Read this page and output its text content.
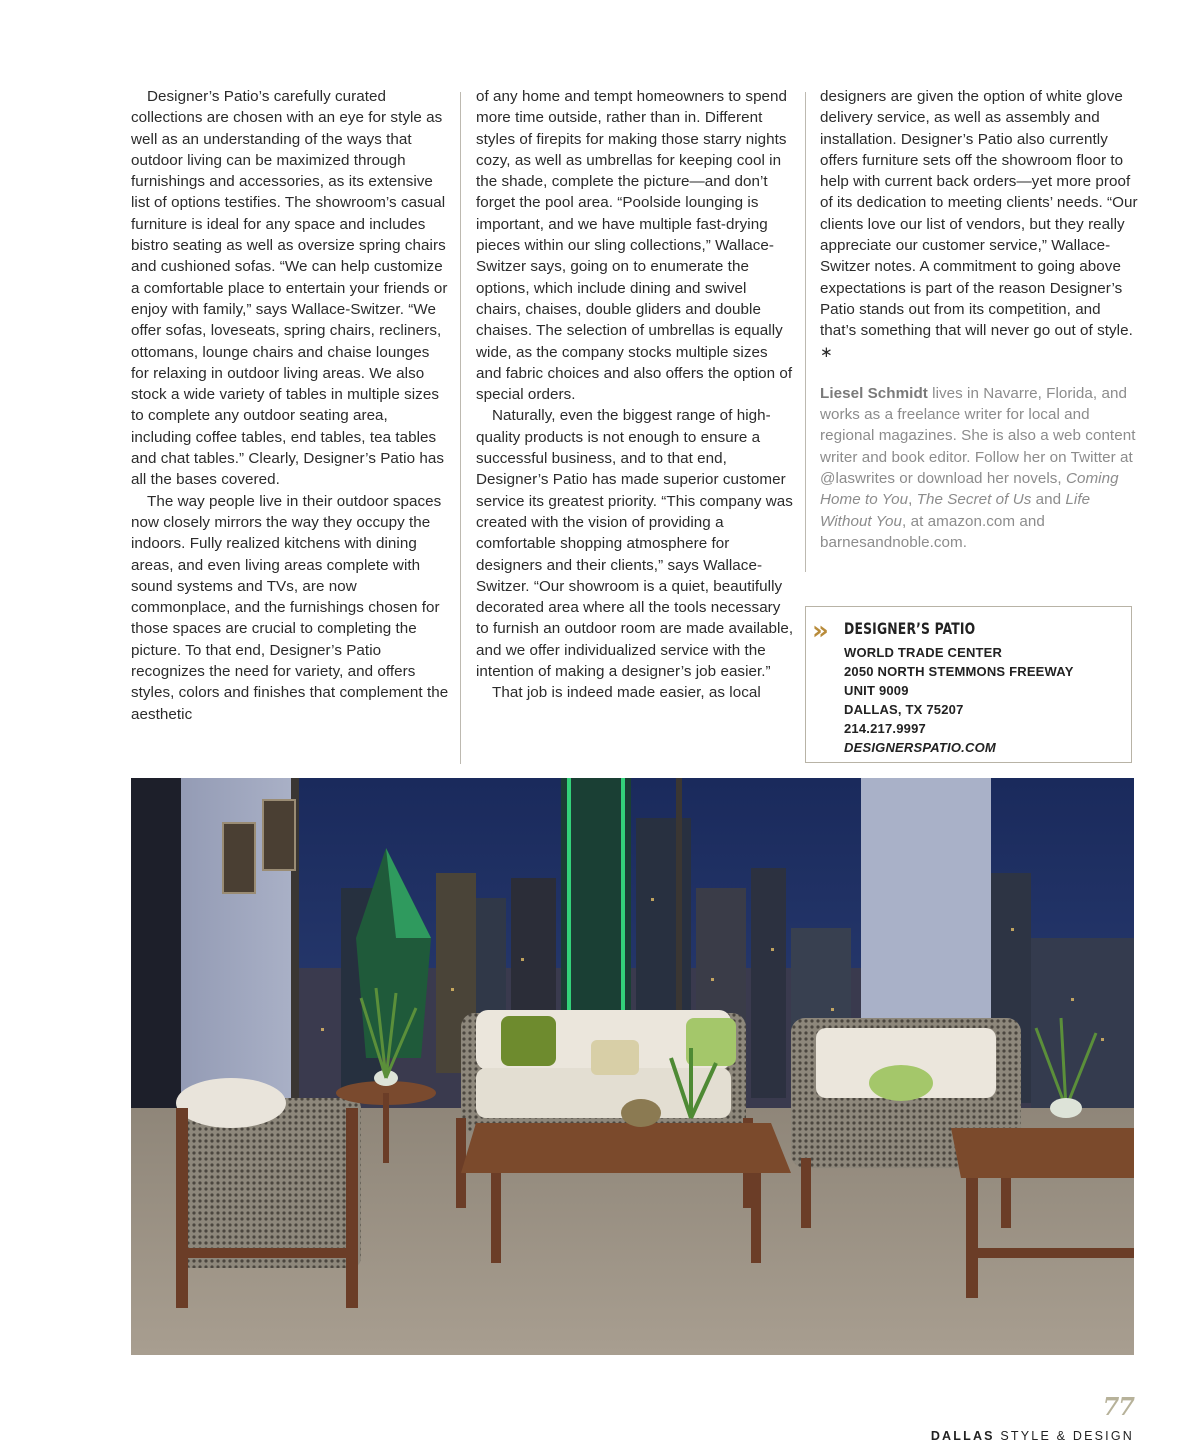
Designer’s Patio’s carefully curated collections are chosen with an eye for style as well as an understanding of the ways that outdoor living can be maximized through furnishings and accessories, as its extensive list of options testifies. The showroom’s casual furniture is ideal for any space and includes bistro seating as well as oversize spring chairs and cushioned sofas. “We can help customize a comfortable place to entertain your friends or enjoy with family,” says Wallace-Switzer. “We offer sofas, loveseats, spring chairs, recliners, ottomans, lounge chairs and chaise lounges for relaxing in outdoor living areas. We also stock a wide variety of tables in multiple sizes to complete any outdoor seating area, including coffee tables, end tables, tea tables and chat tables.” Clearly, Designer’s Patio has all the bases covered.

The way people live in their outdoor spaces now closely mirrors the way they occupy the indoors. Fully realized kitchens with dining areas, and even living areas complete with sound systems and TVs, are now commonplace, and the furnishings chosen for those spaces are crucial to completing the picture. To that end, Designer’s Patio recognizes the need for variety, and offers styles, colors and finishes that complement the aesthetic

of any home and tempt homeowners to spend more time outside, rather than in. Different styles of firepits for making those starry nights cozy, as well as umbrellas for keeping cool in the shade, complete the picture—and don’t forget the pool area. “Poolside lounging is important, and we have multiple fast-drying pieces within our sling collections,” Wallace-Switzer says, going on to enumerate the options, which include dining and swivel chairs, chaises, double gliders and double chaises. The selection of umbrellas is equally wide, as the company stocks multiple sizes and fabric choices and also offers the option of special orders.

Naturally, even the biggest range of high-quality products is not enough to ensure a successful business, and to that end, Designer’s Patio has made superior customer service its greatest priority. “This company was created with the vision of providing a comfortable shopping atmosphere for designers and their clients,” says Wallace-Switzer. “Our showroom is a quiet, beautifully decorated area where all the tools necessary to furnish an outdoor room are made available, and we offer individualized service with the intention of making a designer’s job easier.”

That job is indeed made easier, as local

designers are given the option of white glove delivery service, as well as assembly and installation. Designer’s Patio also currently offers furniture sets off the showroom floor to help with current back orders—yet more proof of its dedication to meeting clients’ needs. “Our clients love our list of vendors, but they really appreciate our customer service,” Wallace-Switzer notes. A commitment to going above expectations is part of the reason Designer’s Patio stands out from its competition, and that’s something that will never go out of style. ∗

Liesel Schmidt lives in Navarre, Florida, and works as a freelance writer for local and regional magazines. She is also a web content writer and book editor. Follow her on Twitter at @laswrites or download her novels, Coming Home to You, The Secret of Us and Life Without You, at amazon.com and barnesandnoble.com.

» DESIGNER’S PATIO
WORLD TRADE CENTER
2050 NORTH STEMMONS FREEWAY
UNIT 9009
DALLAS, TX 75207
214.217.9997
DESIGNERSPATIO.COM
77
DALLAS STYLE & DESIGN
